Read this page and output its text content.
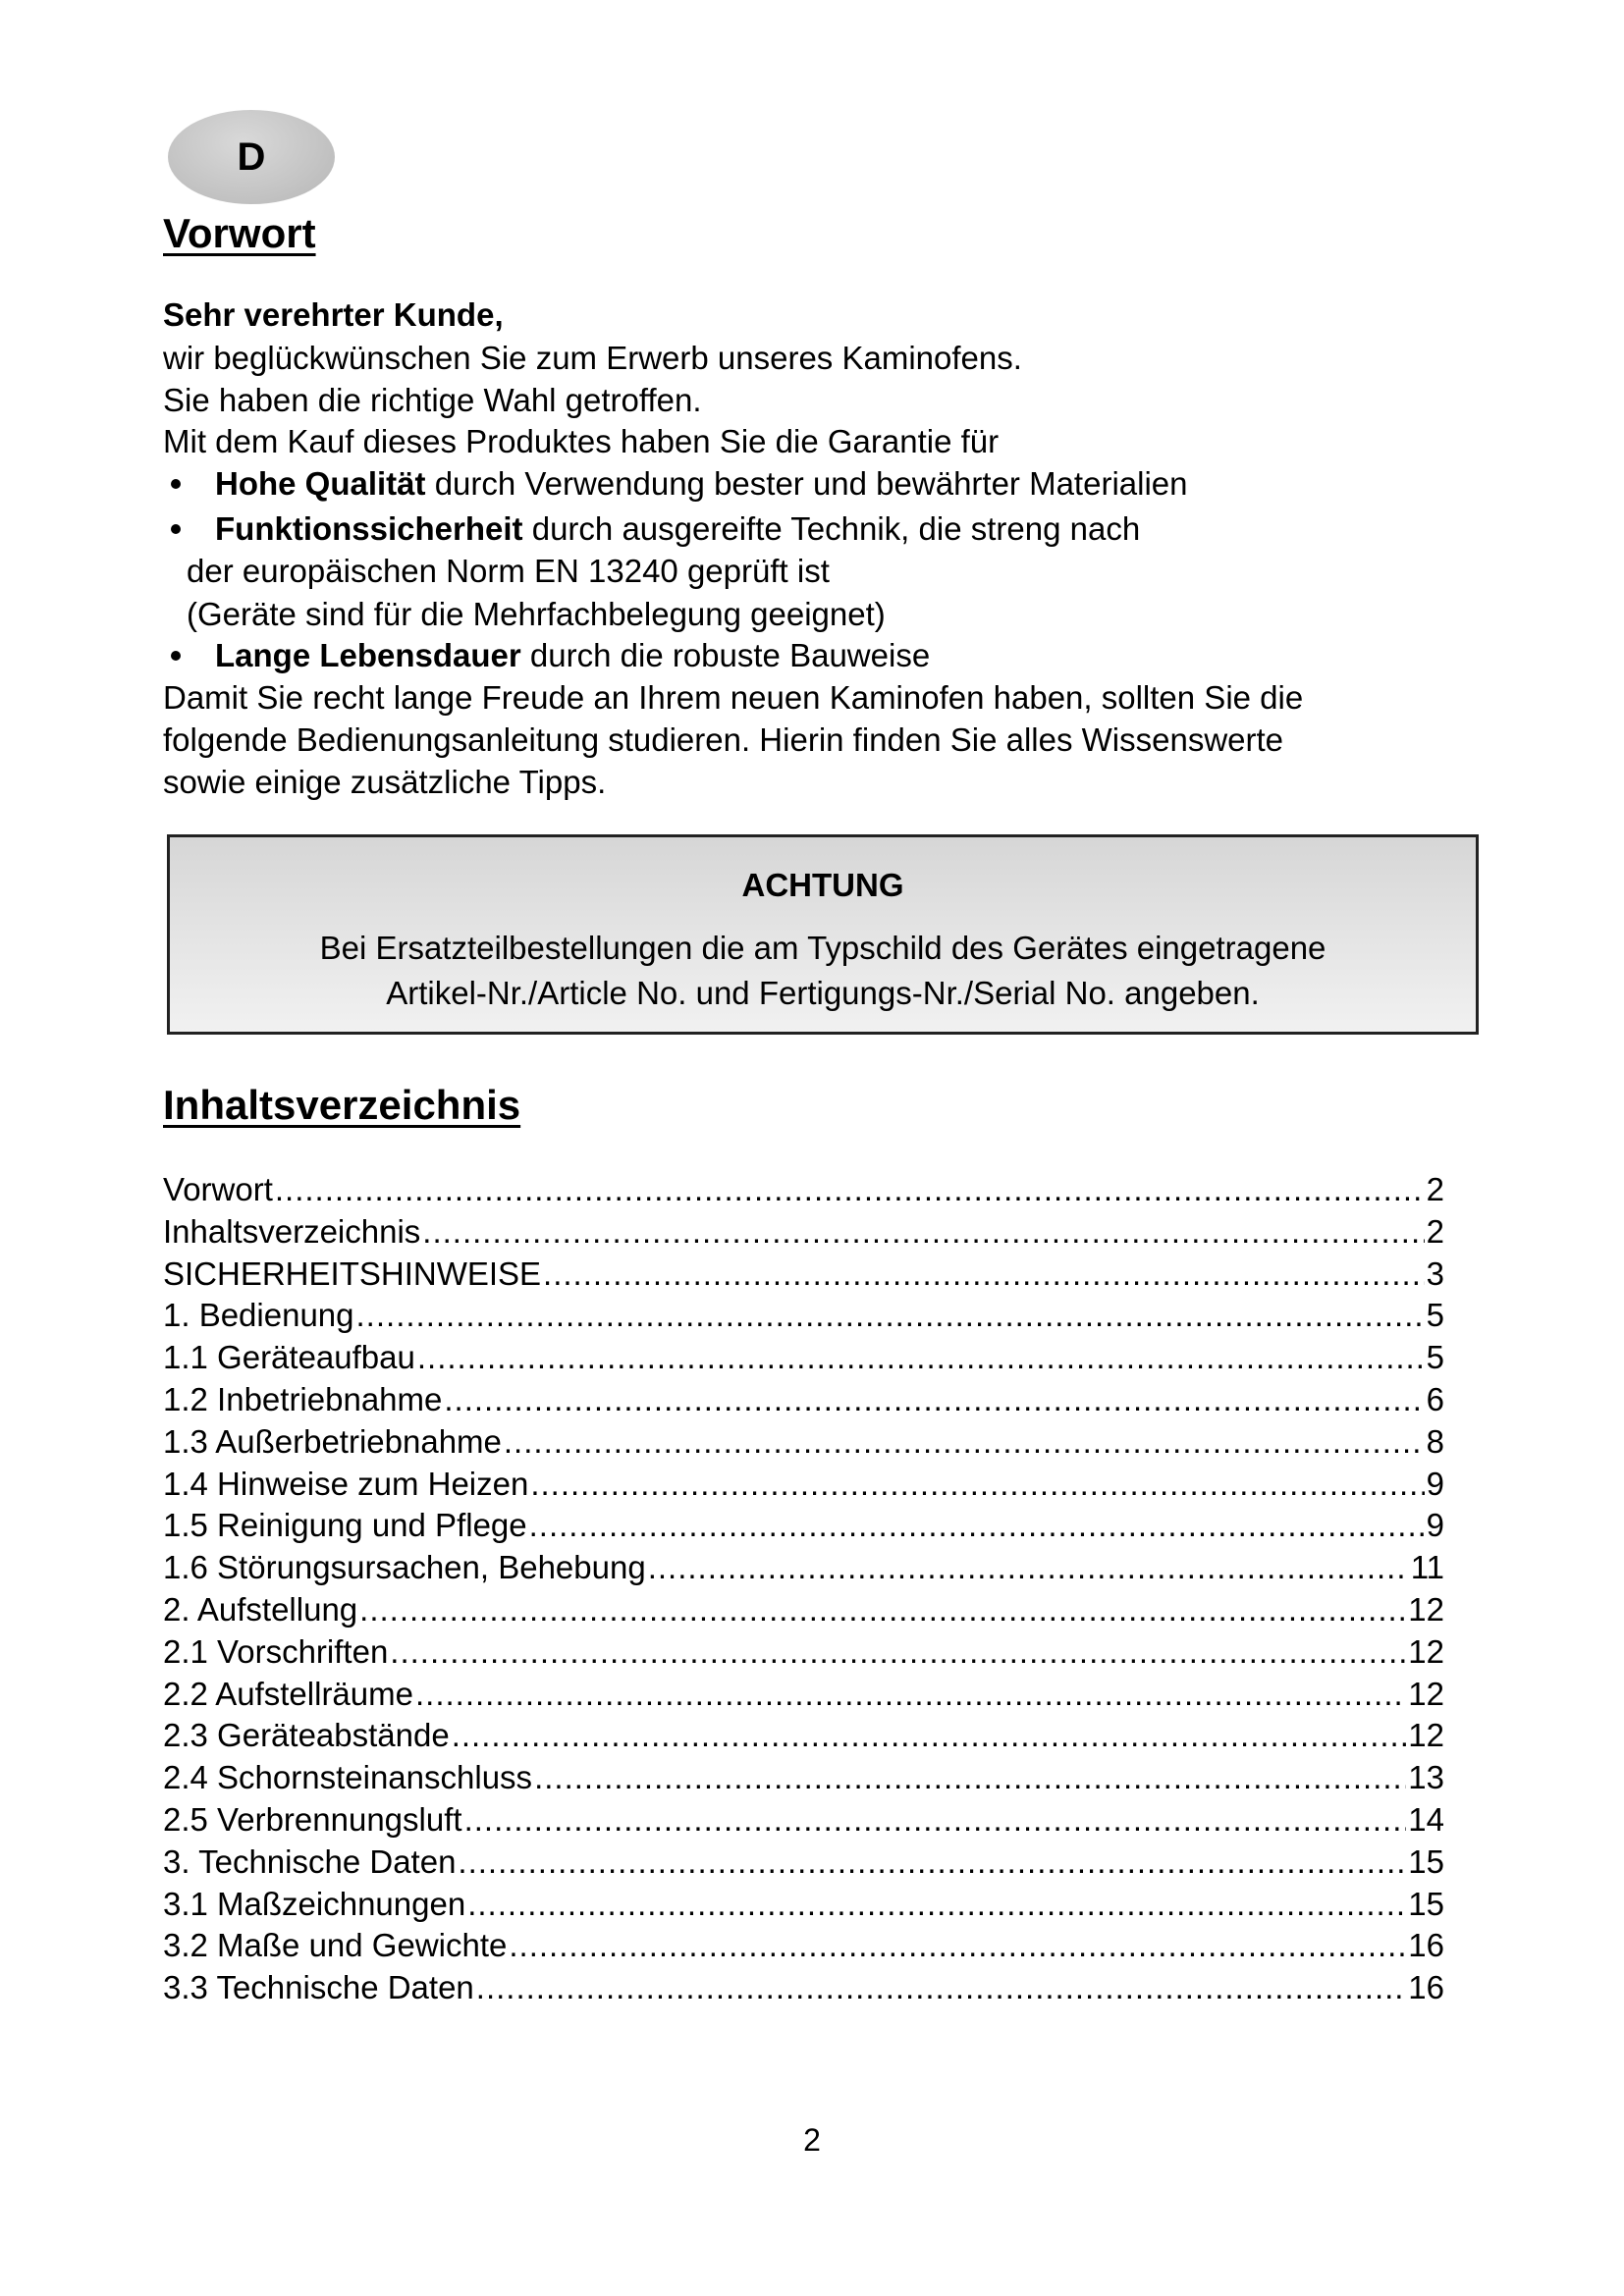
D
Vorwort
Sehr verehrter Kunde,
wir beglückwünschen Sie zum Erwerb unseres Kaminofens.
Sie haben die richtige Wahl getroffen.
Mit dem Kauf dieses Produktes haben Sie die Garantie für
Hohe Qualität durch Verwendung bester und bewährter Materialien
Funktionssicherheit durch ausgereifte Technik, die streng nach
der europäischen Norm EN 13240 geprüft ist
(Geräte sind für die Mehrfachbelegung geeignet)
Lange Lebensdauer durch die robuste Bauweise
Damit Sie recht lange Freude an Ihrem neuen Kaminofen haben, sollten Sie die
folgende Bedienungsanleitung studieren. Hierin finden Sie alles Wissenswerte
sowie einige zusätzliche Tipps.
ACHTUNG
Bei Ersatzteilbestellungen die am Typschild des Gerätes eingetragene
Artikel-Nr./Article No. und Fertigungs-Nr./Serial No. angeben.
Inhaltsverzeichnis
Vorwort .....	2
Inhaltsverzeichnis .....	2
SICHERHEITSHINWEISE .....	3
1. Bedienung .....	5
1.1 Geräteaufbau .....	5
1.2 Inbetriebnahme .....	6
1.3 Außerbetriebnahme .....	8
1.4 Hinweise zum Heizen .....	9
1.5 Reinigung und Pflege .....	9
1.6 Störungsursachen, Behebung .....	11
2. Aufstellung .....	12
2.1 Vorschriften .....	12
2.2 Aufstellräume .....	12
2.3 Geräteabstände .....	12
2.4 Schornsteinanschluss .....	13
2.5 Verbrennungsluft .....	14
3. Technische Daten .....	15
3.1 Maßzeichnungen .....	15
3.2 Maße und Gewichte .....	16
3.3 Technische Daten .....	16
2
